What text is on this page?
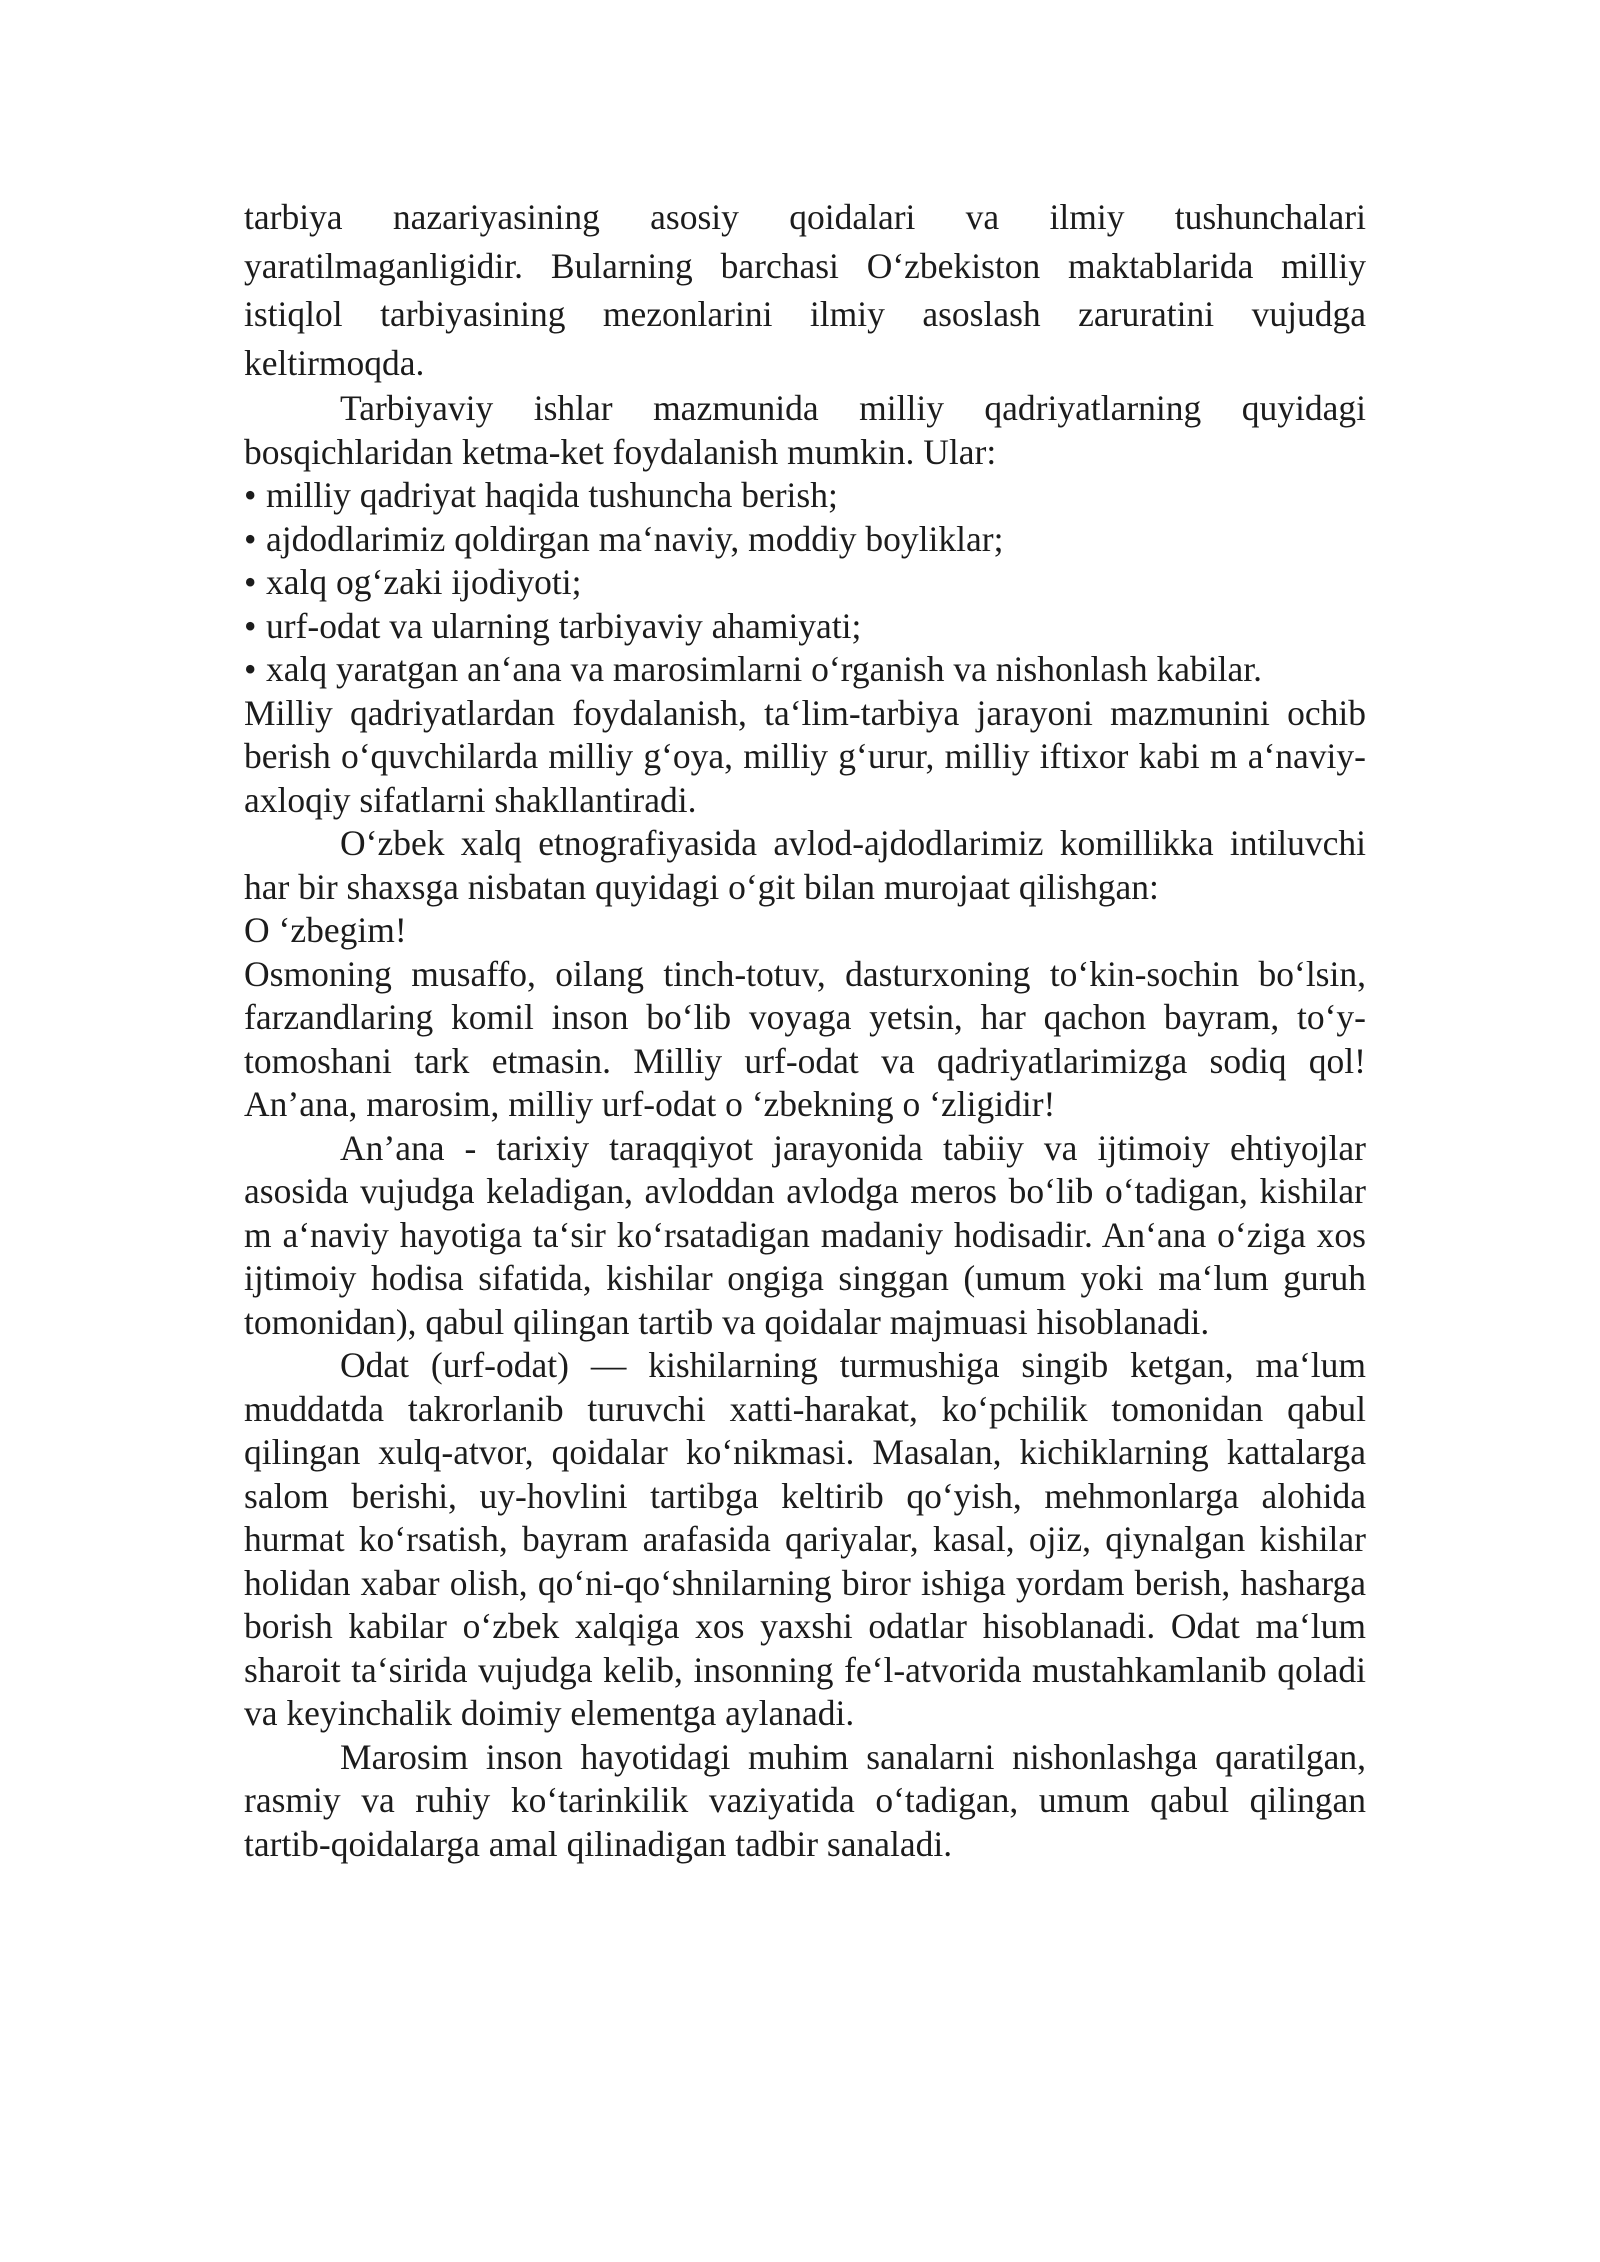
tarbiya nazariyasining asosiy qoidalari va ilmiy tushunchalari yaratilmaganligidir. Bularning barchasi O‘zbekiston maktablarida milliy istiqlol tarbiyasining mezonlarini ilmiy asoslash zaruratini vujudga keltirmoqda.

Tarbiyaviy ishlar mazmunida milliy qadriyatlarning quyidagi bosqichlaridan ketma-ket foydalanish mumkin. Ular:

• milliy qadriyat haqida tushuncha berish;
• ajdodlarimiz qoldirgan ma‘naviy, moddiy boyliklar;
• xalq og‘zaki ijodiyoti;
• urf-odat va ularning tarbiyaviy ahamiyati;
• xalq yaratgan an‘ana va marosimlarni o‘rganish va nishonlash kabilar.

Milliy qadriyatlardan foydalanish, ta‘lim-tarbiya jarayoni mazmunini ochib berish o‘quvchilarda milliy g‘oya, milliy g‘urur, milliy iftixor kabi m a‘naviy-axloqiy sifatlarni shakllantiradi.

O‘zbek xalq etnografiyasida avlod-ajdodlarimiz komillikka intiluvchi har bir shaxsga nisbatan quyidagi o‘git bilan murojaat qilishgan:

O ‘zbegim!

Osmoning musaffo, oilang tinch-totuv, dasturxoning to‘kin-sochin bo‘lsin, farzandlaring komil inson bo‘lib voyaga yetsin, har qachon bayram, to‘y-tomoshani tark etmasin. Milliy urf-odat va qadriyatlarimizga sodiq qol! An’ana, marosim, milliy urf-odat o ‘zbekning o ‘zligidir!

An’ana - tarixiy taraqqiyot jarayonida tabiiy va ijtimoiy ehtiyojlar asosida vujudga keladigan, avloddan avlodga meros bo‘lib o‘tadigan, kishilar m a‘naviy hayotiga ta‘sir ko‘rsatadigan madaniy hodisadir. An‘ana o‘ziga xos ijtimoiy hodisa sifatida, kishilar ongiga singgan (umum yoki ma‘lum guruh tomonidan), qabul qilingan tartib va qoidalar majmuasi hisoblanadi.

Odat (urf-odat) — kishilarning turmushiga singib ketgan, ma‘lum muddatda takrorlanib turuvchi xatti-harakat, ko‘pchilik tomonidan qabul qilingan xulq-atvor, qoidalar ko‘nikmasi. Masalan, kichiklarning kattalarga salom berishi, uy-hovlini tartibga keltirib qo‘yish, mehmonlarga alohida hurmat ko‘rsatish, bayram arafasida qariyalar, kasal, ojiz, qiynalgan kishilar holidan xabar olish, qo‘ni-qo‘shnilarning biror ishiga yordam berish, hasharga borish kabilar o‘zbek xalqiga xos yaxshi odatlar hisoblanadi. Odat ma‘lum sharoit ta‘sirida vujudga kelib, insonning fe‘l-atvorida mustahkamlanib qoladi va keyinchalik doimiy elementga aylanadi.

Marosim inson hayotidagi muhim sanalarni nishonlashga qaratilgan, rasmiy va ruhiy ko‘tarinkilik vaziyatida o‘tadigan, umum qabul qilingan tartib-qoidalarga amal qilinadigan tadbir sanaladi.
